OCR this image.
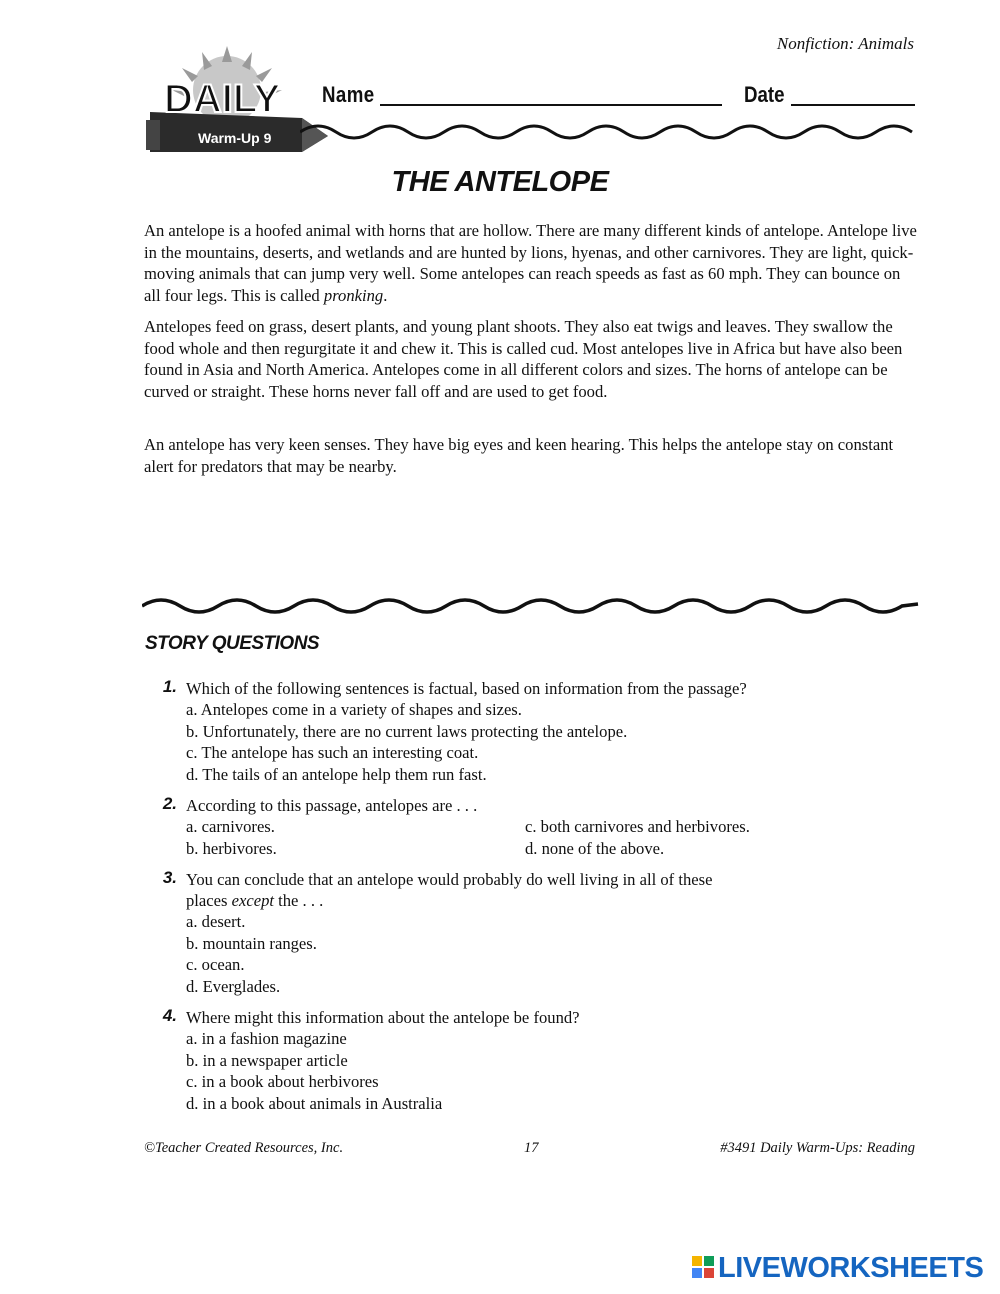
Nonfiction: Animals
DAILY
Warm-Up 9
Name	Date
THE ANTELOPE
An antelope is a hoofed animal with horns that are hollow. There are many different kinds of antelope. Antelope live in the mountains, deserts, and wetlands and are hunted by lions, hyenas, and other carnivores. They are light, quick-moving animals that can jump very well. Some antelopes can reach speeds as fast as 60 mph. They can bounce on all four legs. This is called pronking.
Antelopes feed on grass, desert plants, and young plant shoots. They also eat twigs and leaves. They swallow the food whole and then regurgitate it and chew it. This is called cud. Most antelopes live in Africa but have also been found in Asia and North America. Antelopes come in all different colors and sizes. The horns of antelope can be curved or straight. These horns never fall off and are used to get food.
An antelope has very keen senses. They have big eyes and keen hearing. This helps the antelope stay on constant alert for predators that may be nearby.
STORY QUESTIONS
1. Which of the following sentences is factual, based on information from the passage?
a. Antelopes come in a variety of shapes and sizes.
b. Unfortunately, there are no current laws protecting the antelope.
c. The antelope has such an interesting coat.
d. The tails of an antelope help them run fast.
2. According to this passage, antelopes are . . .
a. carnivores.
b. herbivores.
c. both carnivores and herbivores.
d. none of the above.
3. You can conclude that an antelope would probably do well living in all of these
places except the . . .
a. desert.
b. mountain ranges.
c. ocean.
d. Everglades.
4. Where might this information about the antelope be found?
a. in a fashion magazine
b. in a newspaper article
c. in a book about herbivores
d. in a book about animals in Australia
©Teacher Created Resources, Inc.	17	#3491 Daily Warm-Ups: Reading
LIVEWORKSHEETS
